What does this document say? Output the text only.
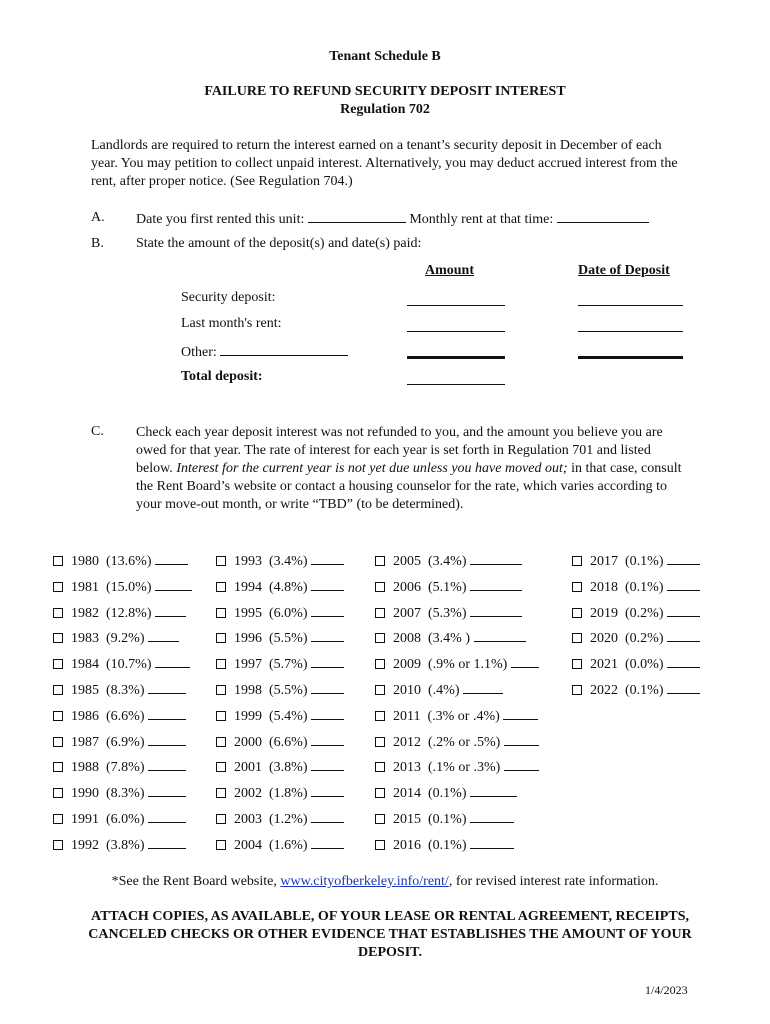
Tenant Schedule B
FAILURE TO REFUND SECURITY DEPOSIT INTEREST
Regulation 702
Landlords are required to return the interest earned on a tenant’s security deposit in December of each year. You may petition to collect unpaid interest. Alternatively, you may deduct accrued interest from the rent, after proper notice. (See Regulation 704.)
A. Date you first rented this unit:	Monthly rent at that time:
B. State the amount of the deposit(s) and date(s) paid:
Amount	Date of Deposit
Security deposit:
Last month's rent:
Other:
Total deposit:
C. Check each year deposit interest was not refunded to you, and the amount you believe you are owed for that year. The rate of interest for each year is set forth in Regulation 701 and listed below. Interest for the current year is not yet due unless you have moved out; in that case, consult the Rent Board’s website or contact a housing counselor for the rate, which varies according to your move-out month, or write “TBD” (to be determined).
1980  (13.6%)
1981  (15.0%)
1982  (12.8%)
1983  (9.2%)
1984  (10.7%)
1985  (8.3%)
1986  (6.6%)
1987  (6.9%)
1988  (7.8%)
1990  (8.3%)
1991  (6.0%)
1992  (3.8%)
1993  (3.4%)
1994  (4.8%)
1995  (6.0%)
1996  (5.5%)
1997  (5.7%)
1998  (5.5%)
1999  (5.4%)
2000  (6.6%)
2001  (3.8%)
2002  (1.8%)
2003  (1.2%)
2004  (1.6%)
2005  (3.4%)
2006  (5.1%)
2007  (5.3%)
2008  (3.4% )
2009  (.9% or 1.1%)
2010  (.4%)
2011  (.3% or .4%)
2012  (.2% or .5%)
2013  (.1% or .3%)
2014  (0.1%)
2015  (0.1%)
2016  (0.1%)
2017  (0.1%)
2018  (0.1%)
2019  (0.2%)
2020  (0.2%)
2021  (0.0%)
2022  (0.1%)
*See the Rent Board website, www.cityofberkeley.info/rent/, for revised interest rate information.
ATTACH COPIES, AS AVAILABLE, OF YOUR LEASE OR RENTAL AGREEMENT, RECEIPTS, CANCELED CHECKS OR OTHER EVIDENCE THAT ESTABLISHES THE AMOUNT OF YOUR DEPOSIT.
1/4/2023
